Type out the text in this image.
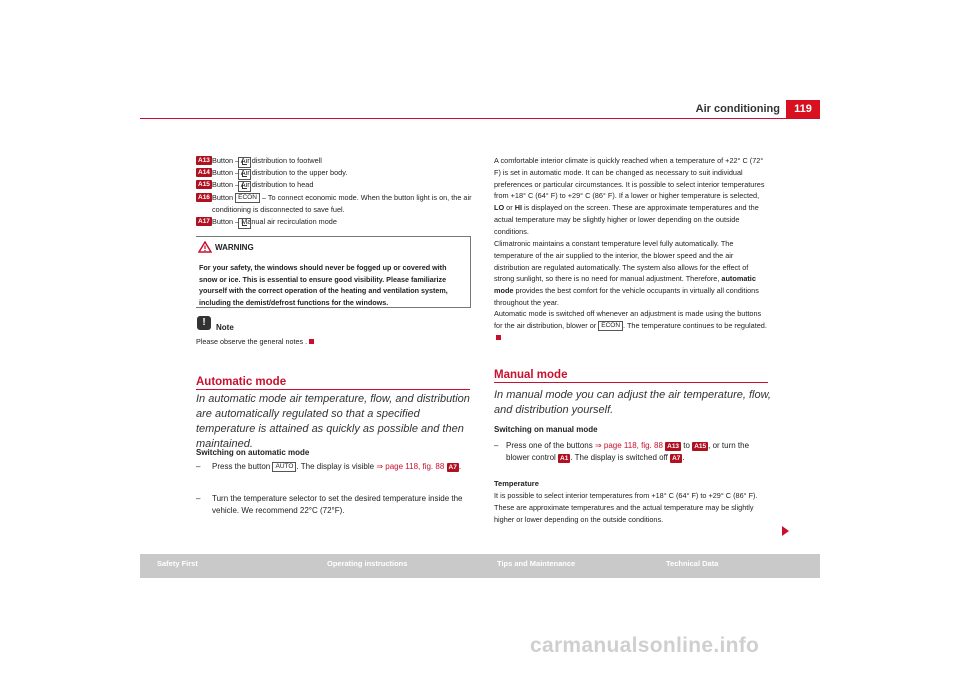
Air conditioning	119
A13 Button – Air distribution to footwell
A14 Button – Air distribution to the upper body.
A15 Button – Air distribution to head
A16 Button ECON – To connect economic mode. When the button light is on, the air conditioning is disconnected to save fuel.
A17 Button – Manual air recirculation mode
WARNING
For your safety, the windows should never be fogged up or covered with snow or ice. This is essential to ensure good visibility. Please familiarize yourself with the correct operation of the heating and ventilation system, including the demist/defrost functions for the windows.
!	Note
Please observe the general notes .
Automatic mode
In automatic mode air temperature, flow, and distribution are automatically regulated so that a specified temperature is attained as quickly as possible and then maintained.
Switching on automatic mode
– Press the button AUTO . The display is visible ⇒ page 118, fig. 88 A7 .
– Turn the temperature selector to set the desired temperature inside the vehicle. We recommend 22°C (72°F).
A comfortable interior climate is quickly reached when a temperature of +22° C (72° F) is set in automatic mode. It can be changed as necessary to suit individual preferences or particular circumstances. It is possible to select interior temperatures from +18° C (64° F) to +29° C (86° F). If a lower or higher temperature is selected, LO or HI is displayed on the screen. These are approximate temperatures and the actual temperature may be slightly higher or lower depending on the outside conditions.
Climatronic maintains a constant temperature level fully automatically. The temperature of the air supplied to the interior, the blower speed and the air distribution are regulated automatically. The system also allows for the effect of strong sunlight, so there is no need for manual adjustment. Therefore, automatic mode provides the best comfort for the vehicle occupants in virtually all conditions throughout the year.
Automatic mode is switched off whenever an adjustment is made using the buttons for the air distribution, blower or ECON . The temperature continues to be regulated.
Manual mode
In manual mode you can adjust the air temperature, flow, and distribution yourself.
Switching on manual mode
– Press one of the buttons ⇒ page 118, fig. 88 A13 to A15 , or turn the blower control A1 . The display is switched off A7 .
Temperature
It is possible to select interior temperatures from +18° C (64° F) to +29° C (86° F). These are approximate temperatures and the actual temperature may be slightly higher or lower depending on the outside conditions.
Safety First	Operating instructions	Tips and Maintenance	Technical Data
carmanualsonline.info
